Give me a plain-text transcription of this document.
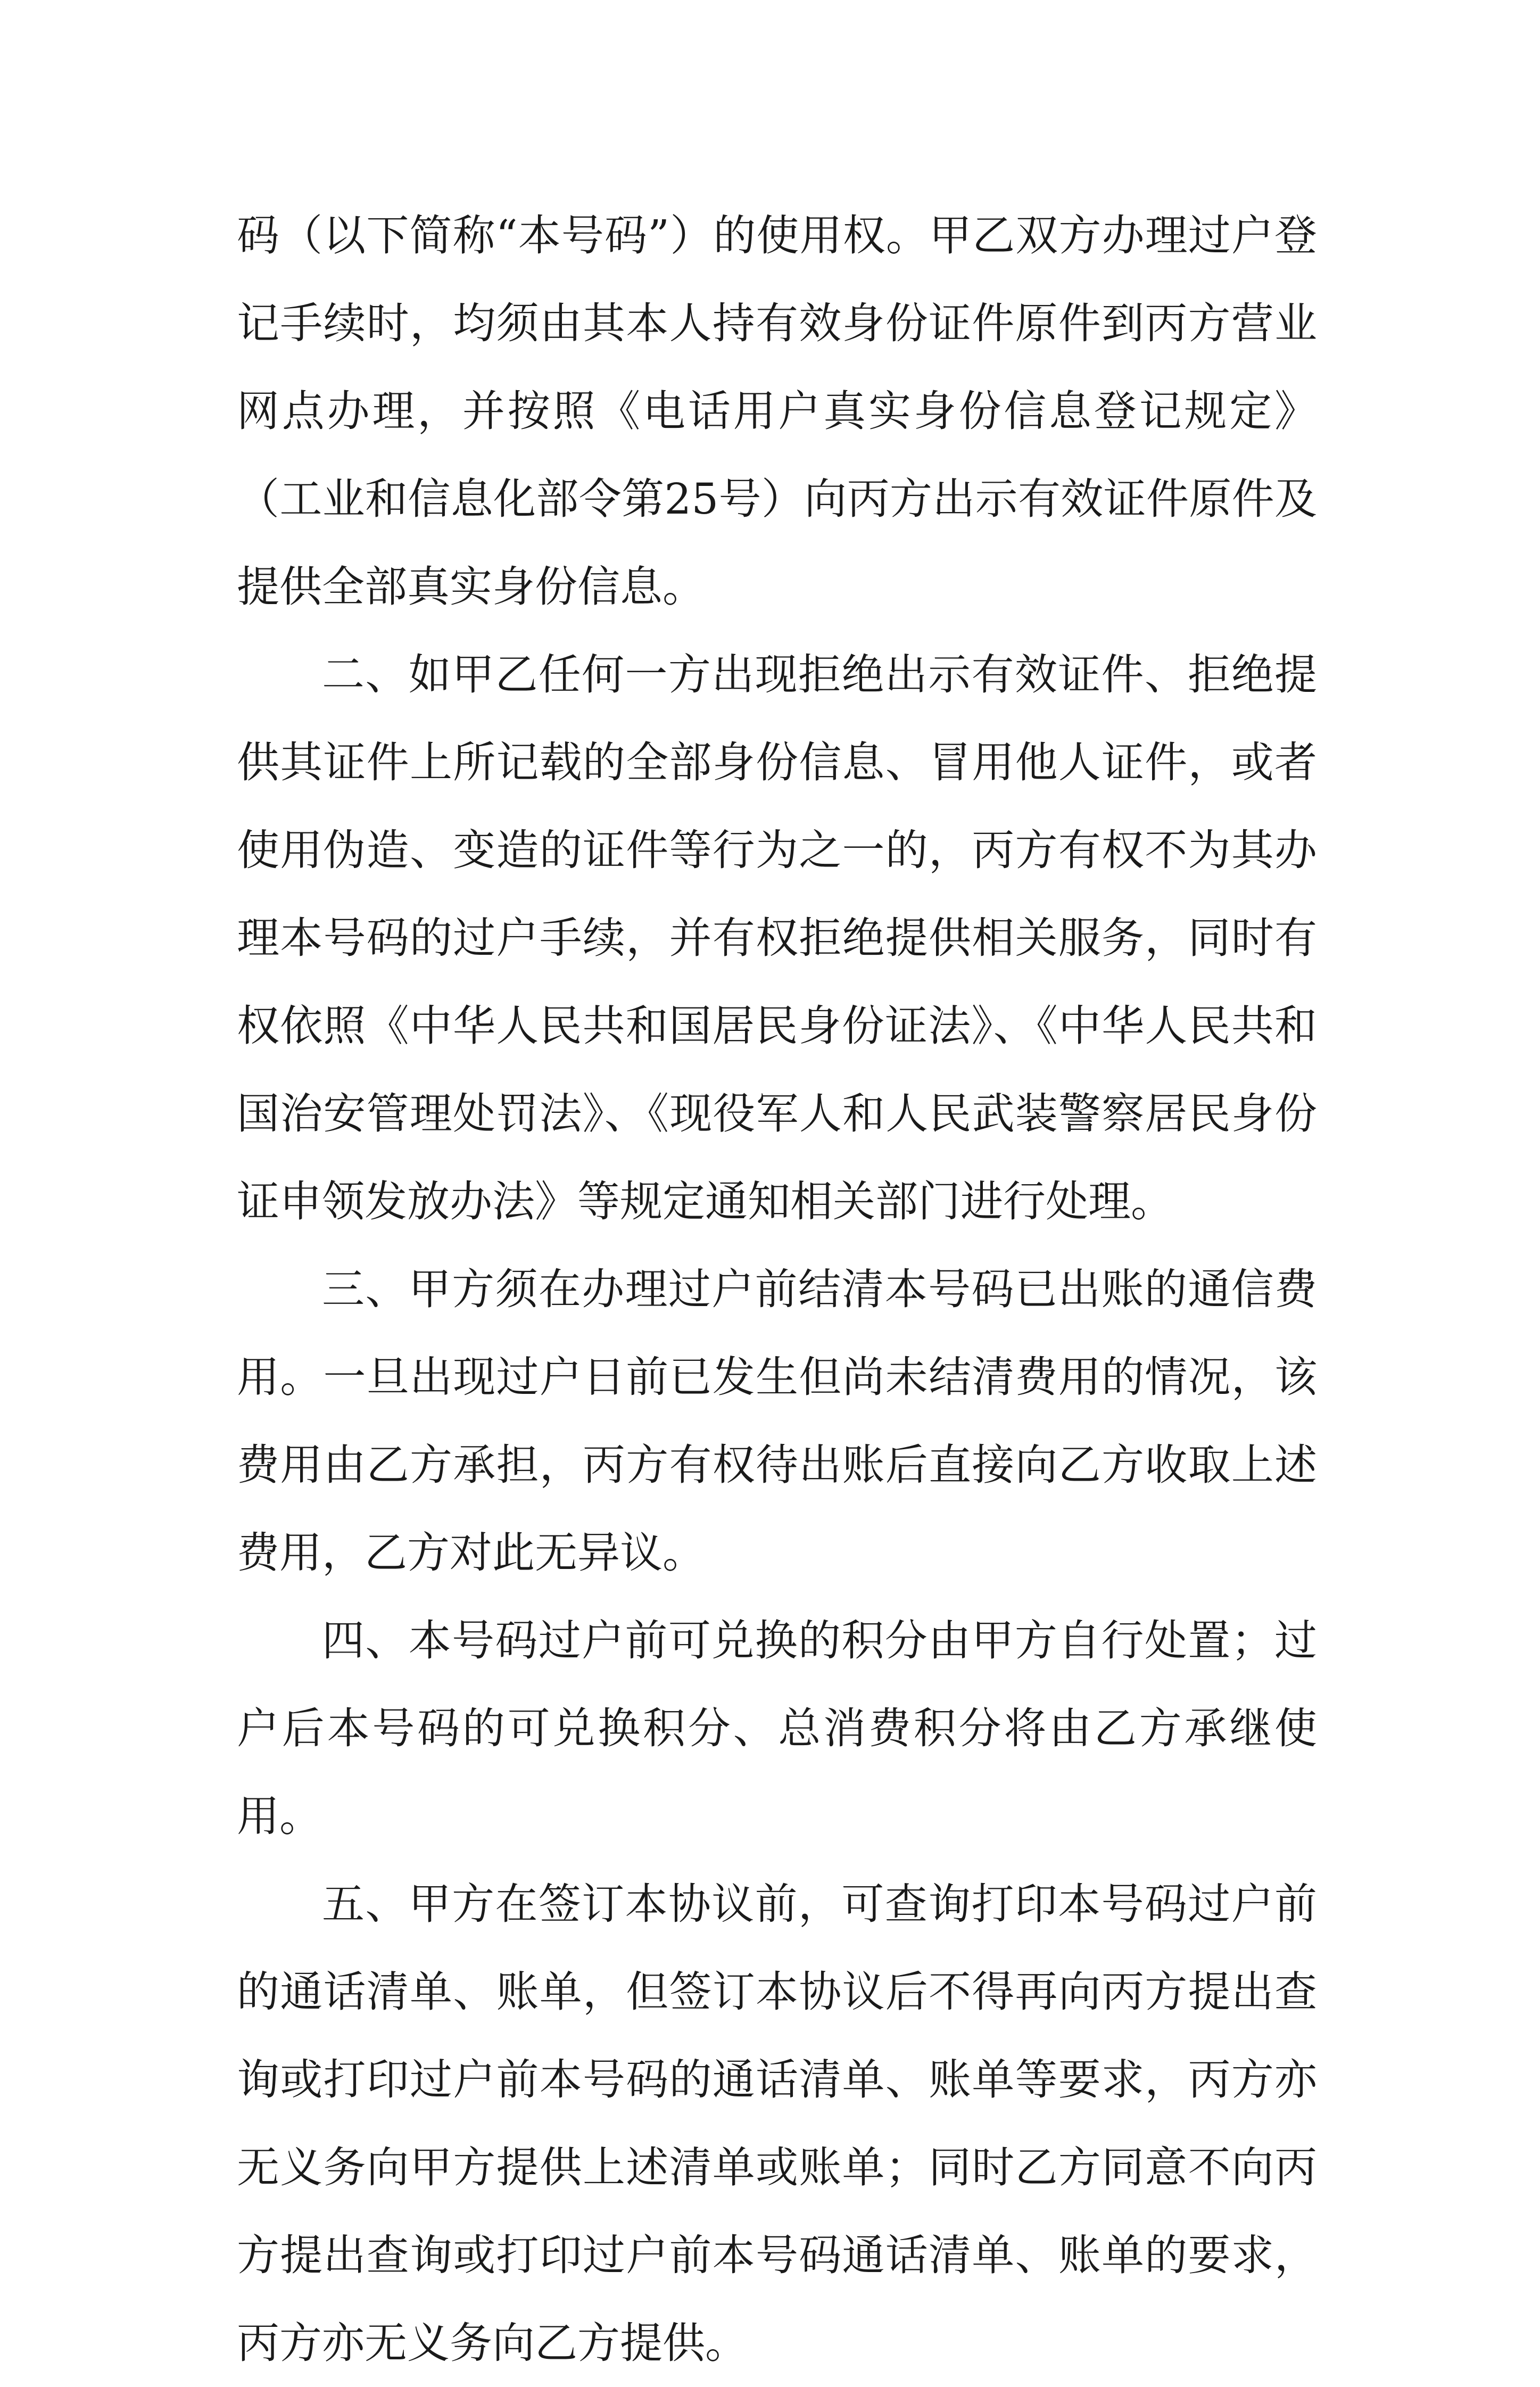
码（以下简称“本号码”）的使用权。甲乙双方办理过户登记手续时，均须由其本人持有效身份证件原件到丙方营业网点办理，并按照《电话用户真实身份信息登记规定》（工业和信息化部令第25号）向丙方出示有效证件原件及提供全部真实身份信息。

二、如甲乙任何一方出现拒绝出示有效证件、拒绝提供其证件上所记载的全部身份信息、冒用他人证件，或者使用伪造、变造的证件等行为之一的，丙方有权不为其办理本号码的过户手续，并有权拒绝提供相关服务，同时有权依照《中华人民共和国居民身份证法》、《中华人民共和国治安管理处罚法》、《现役军人和人民武装警察居民身份证申领发放办法》等规定通知相关部门进行处理。

三、甲方须在办理过户前结清本号码已出账的通信费用。一旦出现过户日前已发生但尚未结清费用的情况，该费用由乙方承担，丙方有权待出账后直接向乙方收取上述费用，乙方对此无异议。

四、本号码过户前可兑换的积分由甲方自行处置；过户后本号码的可兑换积分、总消费积分将由乙方承继使用。

五、甲方在签订本协议前，可查询打印本号码过户前的通话清单、账单，但签订本协议后不得再向丙方提出查询或打印过户前本号码的通话清单、账单等要求，丙方亦无义务向甲方提供上述清单或账单；同时乙方同意不向丙方提出查询或打印过户前本号码通话清单、账单的要求，丙方亦无义务向乙方提供。
